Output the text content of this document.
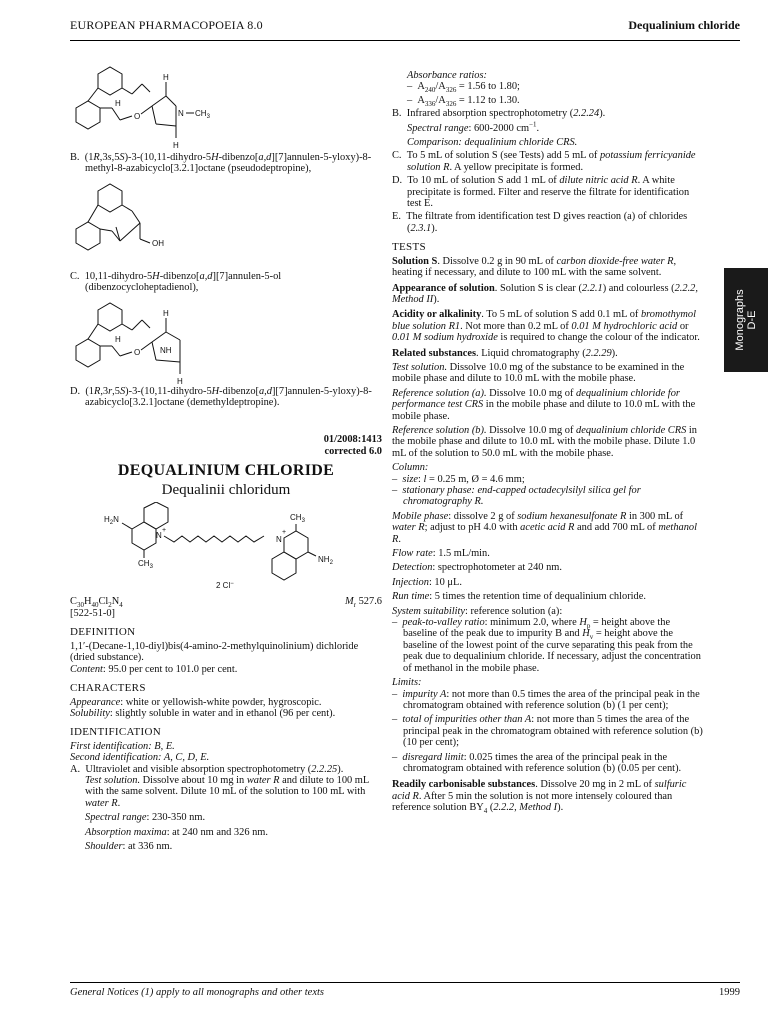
EUROPEAN PHARMACOPOEIA 8.0	Dequalinium chloride
Monographs D-E
O
H
H
H
N $CH_3$

B. (1R,3s,5S)-3-(10,11-dihydro-5H-dibenzo[a,d][7]annulen-5-yloxy)-8-methyl-8-azabicyclo[3.2.1]octane (pseudodeptropine),

OH

C. 10,11-dihydro-5H-dibenzo[a,d][7]annulen-5-ol (dibenzocycloheptadienol),

O
H
H
H
NH

D. (1R,3r,5S)-3-(10,11-dihydro-5H-dibenzo[a,d][7]annulen-5-yloxy)-8-azabicyclo[3.2.1]octane (demethyldeptropine).

01/2008:1413

corrected 6.0

DEQUALINIUM CHLORIDE

Dequalinii chloridum

$H_2N$
N
+
$CH_3$
N
+
$CH_3$
$NH_2$
2 Cl−
$C_{30}H_{40}Cl_2N_4$	$M_r$ 527.6

[522-51-0]

DEFINITION

1,1′-(Decane-1,10-diyl)bis(4-amino-2-methylquinolinium) dichloride (dried substance).

Content: 95.0 per cent to 101.0 per cent.

CHARACTERS

Appearance: white or yellowish-white powder, hygroscopic.

Solubility: slightly soluble in water and in ethanol (96 per cent).

IDENTIFICATION

First identification: B, E.

Second identification: A, C, D, E.

A. Ultraviolet and visible absorption spectrophotometry (2.2.25).

Test solution. Dissolve about 10 mg in water R and dilute to 100 mL with the same solvent. Dilute 10 mL of the solution to 100 mL with water R.

Spectral range: 230-350 nm.

Absorption maxima: at 240 nm and 326 nm.

Shoulder: at 336 nm.

Absorbance ratios:

– $A_{240}/A_{326} = 1.56$ to 1.80;

– $A_{336}/A_{326} = 1.12$ to 1.30.

B. Infrared absorption spectrophotometry (2.2.24).

Spectral range: 600-2000 $cm^{-1}$.

Comparison: dequalinium chloride CRS.

C. To 5 mL of solution S (see Tests) add 5 mL of potassium ferricyanide solution R. A yellow precipitate is formed.

D. To 10 mL of solution S add 1 mL of dilute nitric acid R. A white precipitate is formed. Filter and reserve the filtrate for identification test E.

E. The filtrate from identification test D gives reaction (a) of chlorides (2.3.1).

TESTS

Solution S. Dissolve 0.2 g in 90 mL of carbon dioxide-free water R, heating if necessary, and dilute to 100 mL with the same solvent.

Appearance of solution. Solution S is clear (2.2.1) and colourless (2.2.2, Method II).

Acidity or alkalinity. To 5 mL of solution S add 0.1 mL of bromothymol blue solution R1. Not more than 0.2 mL of 0.01 M hydrochloric acid or 0.01 M sodium hydroxide is required to change the colour of the indicator.

Related substances. Liquid chromatography (2.2.29).

Test solution. Dissolve 10.0 mg of the substance to be examined in the mobile phase and dilute to 10.0 mL with the mobile phase.

Reference solution (a). Dissolve 10.0 mg of dequalinium chloride for performance test CRS in the mobile phase and dilute to 10.0 mL with the mobile phase.

Reference solution (b). Dissolve 10.0 mg of dequalinium chloride CRS in the mobile phase and dilute to 10.0 mL with the mobile phase. Dilute 1.0 mL of the solution to 50.0 mL with the mobile phase.

Column:

– size: l = 0.25 m, Ø = 4.6 mm;

– stationary phase: end-capped octadecylsilyl silica gel for chromatography R.

Mobile phase: dissolve 2 g of sodium hexanesulfonate R in 300 mL of water R; adjust to pH 4.0 with acetic acid R and add 700 mL of methanol R.

Flow rate: 1.5 mL/min.

Detection: spectrophotometer at 240 nm.

Injection: 10 μL.

Run time: 5 times the retention time of dequalinium chloride.

System suitability: reference solution (a):

– peak-to-valley ratio: minimum 2.0, where $H_p$ = height above the baseline of the peak due to impurity B and $H_v$ = height above the baseline of the lowest point of the curve separating this peak from the peak due to dequalinium chloride. If necessary, adjust the concentration of methanol in the mobile phase.

Limits:

– impurity A: not more than 0.5 times the area of the principal peak in the chromatogram obtained with reference solution (b) (1 per cent);

– total of impurities other than A: not more than 5 times the area of the principal peak in the chromatogram obtained with reference solution (b) (10 per cent);

– disregard limit: 0.025 times the area of the principal peak in the chromatogram obtained with reference solution (b) (0.05 per cent).

Readily carbonisable substances. Dissolve 20 mg in 2 mL of sulfuric acid R. After 5 min the solution is not more intensely coloured than reference solution $BY_4$ (2.2.2, Method I).

General Notices (1) apply to all monographs and other texts	1999
